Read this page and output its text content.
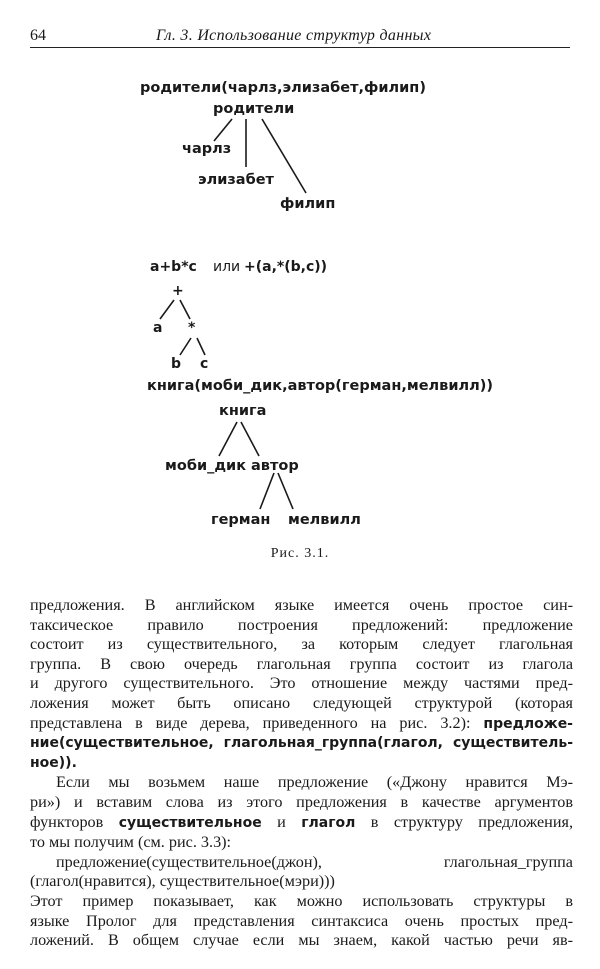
64	Гл. 3. Использование структур данных
родители(чарлз,элизабет,филип)
родители
чарлз
элизабет
филип
a+b*c или +(a,*(b,c))
+
a *
b c
книга(моби_дик,автор(герман,мелвилл))
книга
моби_дик автор
герман мелвилл
Рис. 3.1.

предложения. В английском языке имеется очень простое син-

таксическое правило построения предложений: предложение

состоит из существительного, за которым следует глагольная

группа. В свою очередь глагольная группа состоит из глагола

и другого существительного. Это отношение между частями пред-

ложения может быть описано следующей структурой (которая

представлена в виде дерева, приведенного на рис. 3.2): предложе-

ние(существительное, глагольная_группа(глагол, существитель-

ное)).

Если мы возьмем наше предложение («Джону нравится Мэ-

ри») и вставим слова из этого предложения в качестве аргументов

функторов существительное и глагол в структуру предложения,

то мы получим (см. рис. 3.3):

предложение(существительное(джон),	глагольная_группа

(глагол(нравится), существительное(мэри)))

Этот пример показывает, как можно использовать структуры в

языке Пролог для представления синтаксиса очень простых пред-

ложений. В общем случае если мы знаем, какой частью речи яв-
